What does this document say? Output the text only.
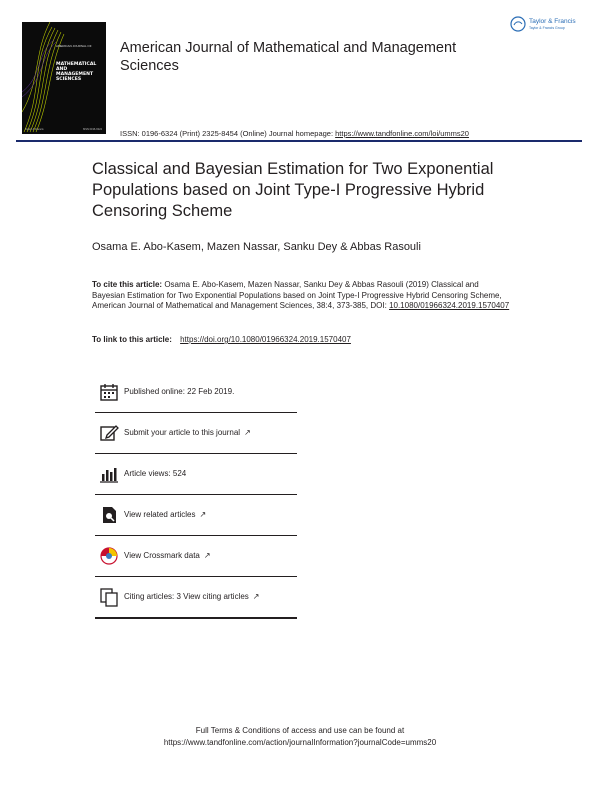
AMERICAN JOURNAL OF
MATHEMATICAL AND MANAGEMENT SCIENCES
Taylor & Francis	ISSN 0196-6324
American Journal of Mathematical and Management Sciences
Taylor & Francis
Taylor & Francis Group
ISSN: 0196-6324 (Print) 2325-8454 (Online) Journal homepage: https://www.tandfonline.com/loi/umms20
Classical and Bayesian Estimation for Two Exponential Populations based on Joint Type-I Progressive Hybrid Censoring Scheme
Osama E. Abo-Kasem, Mazen Nassar, Sanku Dey & Abbas Rasouli
To cite this article: Osama E. Abo-Kasem, Mazen Nassar, Sanku Dey & Abbas Rasouli (2019) Classical and Bayesian Estimation for Two Exponential Populations based on Joint Type-I Progressive Hybrid Censoring Scheme, American Journal of Mathematical and Management Sciences, 38:4, 373-385, DOI: 10.1080/01966324.2019.1570407
To link to this article: https://doi.org/10.1080/01966324.2019.1570407
Published online: 22 Feb 2019.
Submit your article to this journal ↗
Article views: 524
View related articles ↗
View Crossmark data ↗
Citing articles: 3 View citing articles ↗
Full Terms & Conditions of access and use can be found at
https://www.tandfonline.com/action/journalInformation?journalCode=umms20
